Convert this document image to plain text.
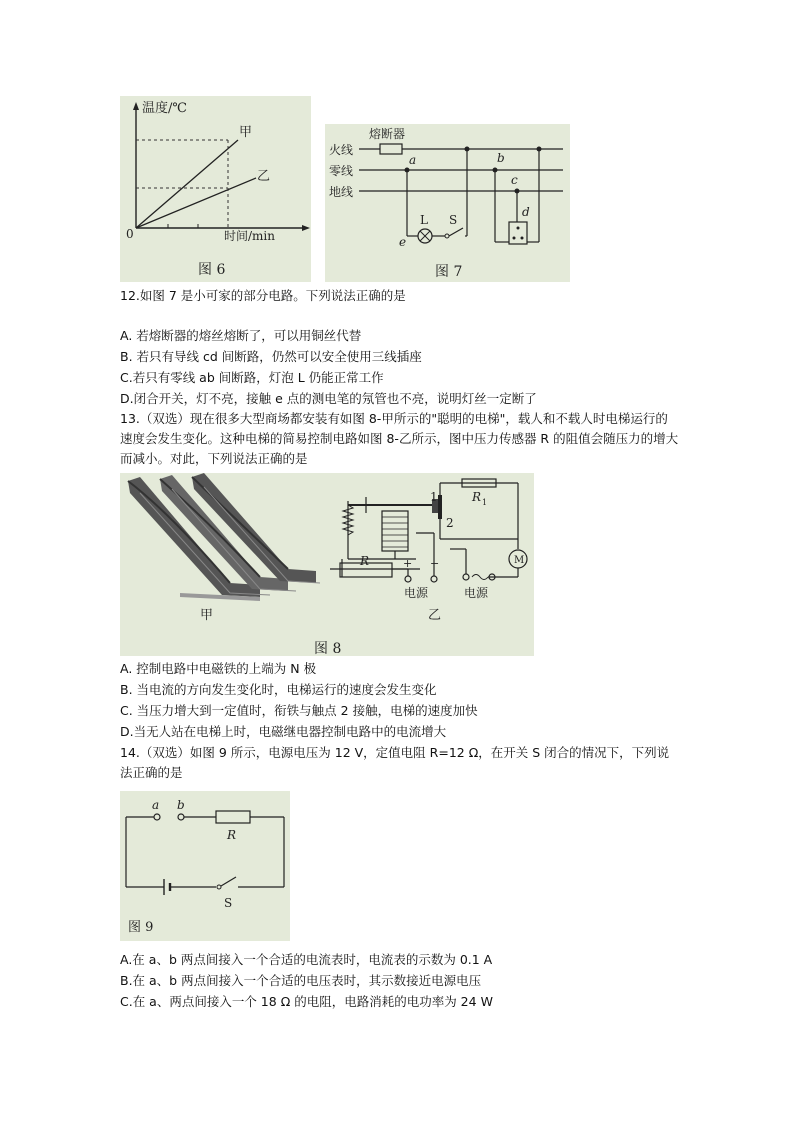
温度/℃
时间/min
0
甲
乙
图 6
熔断器
火线
零线
地线
a
e
L S
b
c
d
图 7
12.如图 7 是小可家的部分电路。下列说法正确的是
A. 若熔断器的熔丝熔断了，可以用铜丝代替
B. 若只有导线 cd 间断路，仍然可以安全使用三线插座
C.若只有零线 ab 间断路，灯泡 L 仍能正常工作
D.闭合开关，灯不亮，接触 e 点的测电笔的氖管也不亮，说明灯丝一定断了
13.（双选）现在很多大型商场都安装有如图 8-甲所示的"聪明的电梯"，载人和不载人时电梯运行的速度会发生变化。这种电梯的简易控制电路如图 8-乙所示，图中压力传感器 R 的阻值会随压力的增大而减小。对此，下列说法正确的是
甲	乙
1
2
R 1
R	M
+ −
电源	电源
图 8
A. 控制电路中电磁铁的上端为 N 极
B. 当电流的方向发生变化时，电梯运行的速度会发生变化
C. 当压力增大到一定值时，衔铁与触点 2 接触，电梯的速度加快
D.当无人站在电梯上时，电磁继电器控制电路中的电流增大
14.（双选）如图 9 所示，电源电压为 12 V，定值电阻 R=12 Ω，在开关 S 闭合的情况下，下列说法正确的是
a b
R
S
图 9
A.在 a、b 两点间接入一个合适的电流表时，电流表的示数为 0.1 A
B.在 a、b 两点间接入一个合适的电压表时，其示数接近电源电压
C.在 a、两点间接入一个 18 Ω 的电阻，电路消耗的电功率为 24 W
